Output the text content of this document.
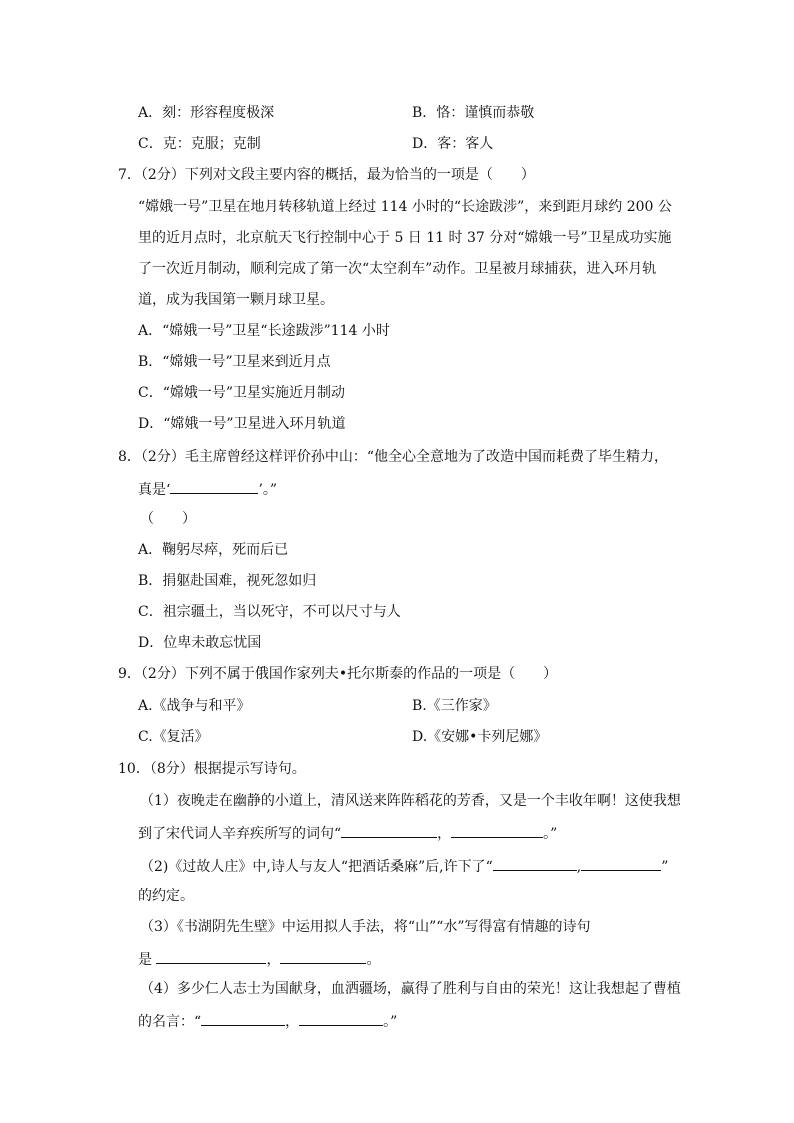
A．刻：形容程度极深	B．恪：谨慎而恭敬
C．克：克服；克制	D．客：客人
7．（2分）下列对文段主要内容的概括，最为恰当的一项是（　　）
“嫦娥一号”卫星在地月转移轨道上经过 114 小时的“长途跋涉”，来到距月球约 200 公
里的近月点时，北京航天飞行控制中心于 5 日 11 时 37 分对“嫦娥一号”卫星成功实施
了一次近月制动，顺利完成了第一次“太空刹车”动作。卫星被月球捕获，进入环月轨
道，成为我国第一颗月球卫星。
A．“嫦娥一号”卫星“长途跋涉”114 小时
B．“嫦娥一号”卫星来到近月点
C．“嫦娥一号”卫星实施近月制动
D．“嫦娥一号”卫星进入环月轨道
8．（2分）毛主席曾经这样评价孙中山：“他全心全意地为了改造中国而耗费了毕生精力，
真是‘	’。”
（　　）
A．鞠躬尽瘁，死而后已
B．捐躯赴国难，视死忽如归
C．祖宗疆土，当以死守，不可以尺寸与人
D．位卑未敢忘忧国
9．（2分）下列不属于俄国作家列夫•托尔斯泰的作品的一项是（　　）
A.《战争与和平》	B.《三作家》
C.《复活》	D.《安娜•卡列尼娜》
10．（8分）根据提示写诗句。
（1）夜晚走在幽静的小道上，清风送来阵阵稻花的芳香，又是一个丰收年啊！这使我想
到了宋代词人辛弃疾所写的词句“	，	。”
（2)《过故人庄》中,诗人与友人“把酒话桑麻”后,许下了“	,	”
的约定。
（3）《书湖阴先生壁》中运用拟人手法，将“山”“水”写得富有情趣的诗句
是	，	。
（4）多少仁人志士为国献身，血洒疆场，赢得了胜利与自由的荣光！这让我想起了曹植
的名言：“	，	。”
